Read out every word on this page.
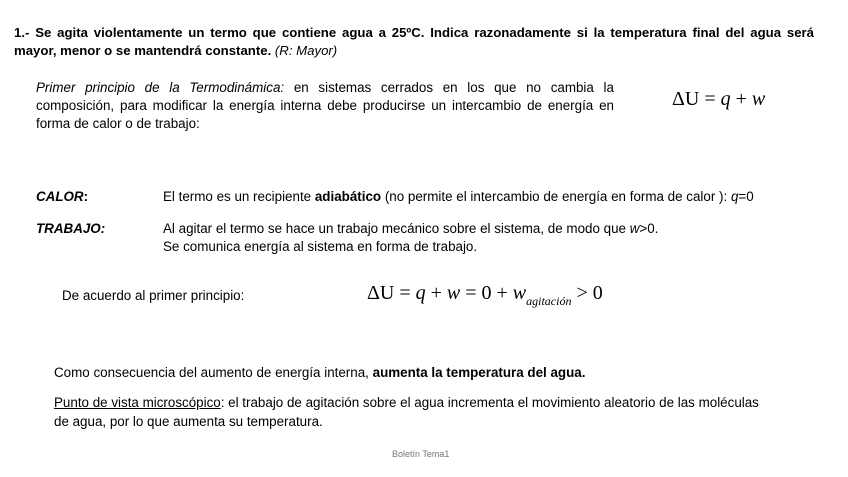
1.- Se agita violentamente un termo que contiene agua a 25ºC. Indica razonadamente si la temperatura final del agua será mayor, menor o se mantendrá constante. (R: Mayor)
Primer principio de la Termodinámica: en sistemas cerrados en los que no cambia la composición, para modificar la energía interna debe producirse un intercambio de energía en forma de calor o de trabajo:
ΔU = q + w
CALOR:	El termo es un recipiente adiabático (no permite el intercambio de energía en forma de calor ): q=0
TRABAJO:	Al agitar el termo se hace un trabajo mecánico sobre el sistema, de modo que w>0.
Se comunica energía al sistema en forma de trabajo.
De acuerdo al primer principio:	$\Delta U = q + w = 0 + w_{agitación} > 0$
Como consecuencia del aumento de energía interna, aumenta la temperatura del agua.
Punto de vista microscópico: el trabajo de agitación sobre el agua incrementa el movimiento aleatorio de las moléculas de agua, por lo que aumenta su temperatura.
Boletín Tema1
